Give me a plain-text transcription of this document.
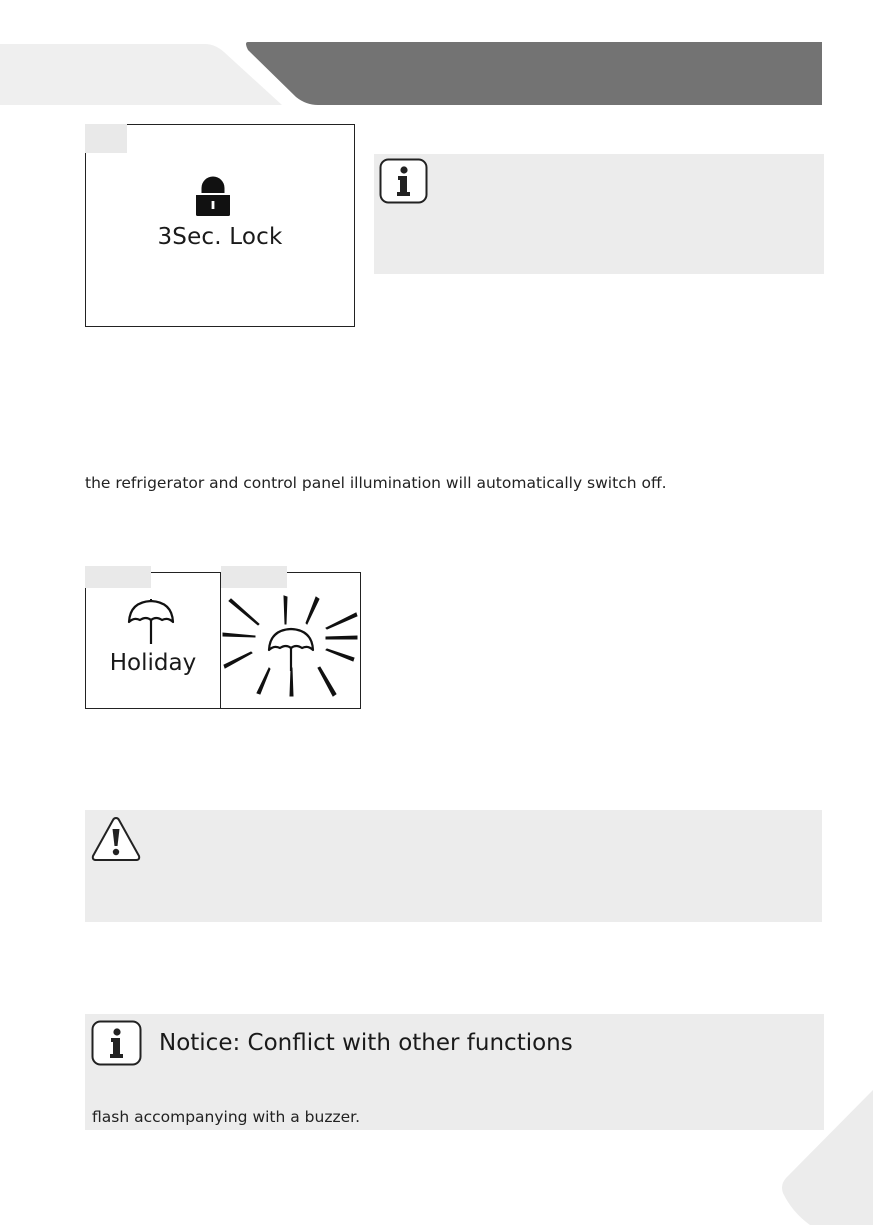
3Sec. Lock
the refrigerator and control panel illumination will automatically switch off.
Holiday
Notice: Conflict with other functions
flash accompanying with a buzzer.
